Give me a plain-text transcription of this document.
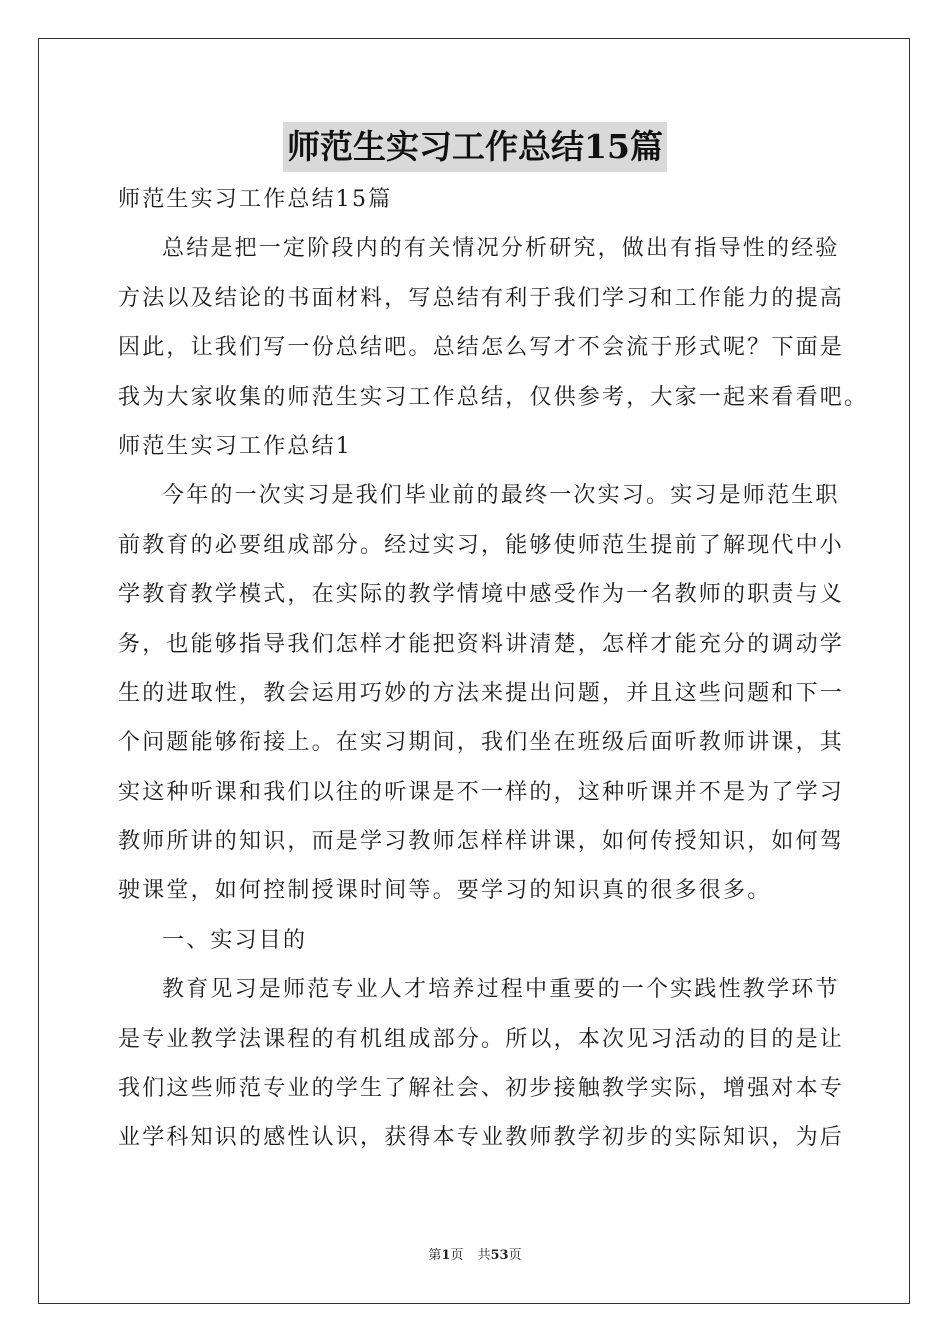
师范生实习工作总结15篇
师范生实习工作总结15篇
总结是把一定阶段内的有关情况分析研究，做出有指导性的经验
方法以及结论的书面材料，写总结有利于我们学习和工作能力的提高
因此，让我们写一份总结吧。总结怎么写才不会流于形式呢？下面是
我为大家收集的师范生实习工作总结，仅供参考，大家一起来看看吧。
师范生实习工作总结1
今年的一次实习是我们毕业前的最终一次实习。实习是师范生职
前教育的必要组成部分。经过实习，能够使师范生提前了解现代中小
学教育教学模式，在实际的教学情境中感受作为一名教师的职责与义
务，也能够指导我们怎样才能把资料讲清楚，怎样才能充分的调动学
生的进取性，教会运用巧妙的方法来提出问题，并且这些问题和下一
个问题能够衔接上。在实习期间，我们坐在班级后面听教师讲课，其
实这种听课和我们以往的听课是不一样的，这种听课并不是为了学习
教师所讲的知识，而是学习教师怎样样讲课，如何传授知识，如何驾
驶课堂，如何控制授课时间等。要学习的知识真的很多很多。
一、实习目的
教育见习是师范专业人才培养过程中重要的一个实践性教学环节
是专业教学法课程的有机组成部分。所以，本次见习活动的目的是让
我们这些师范专业的学生了解社会、初步接触教学实际，增强对本专
业学科知识的感性认识，获得本专业教师教学初步的实际知识，为后
第1页 共53页
